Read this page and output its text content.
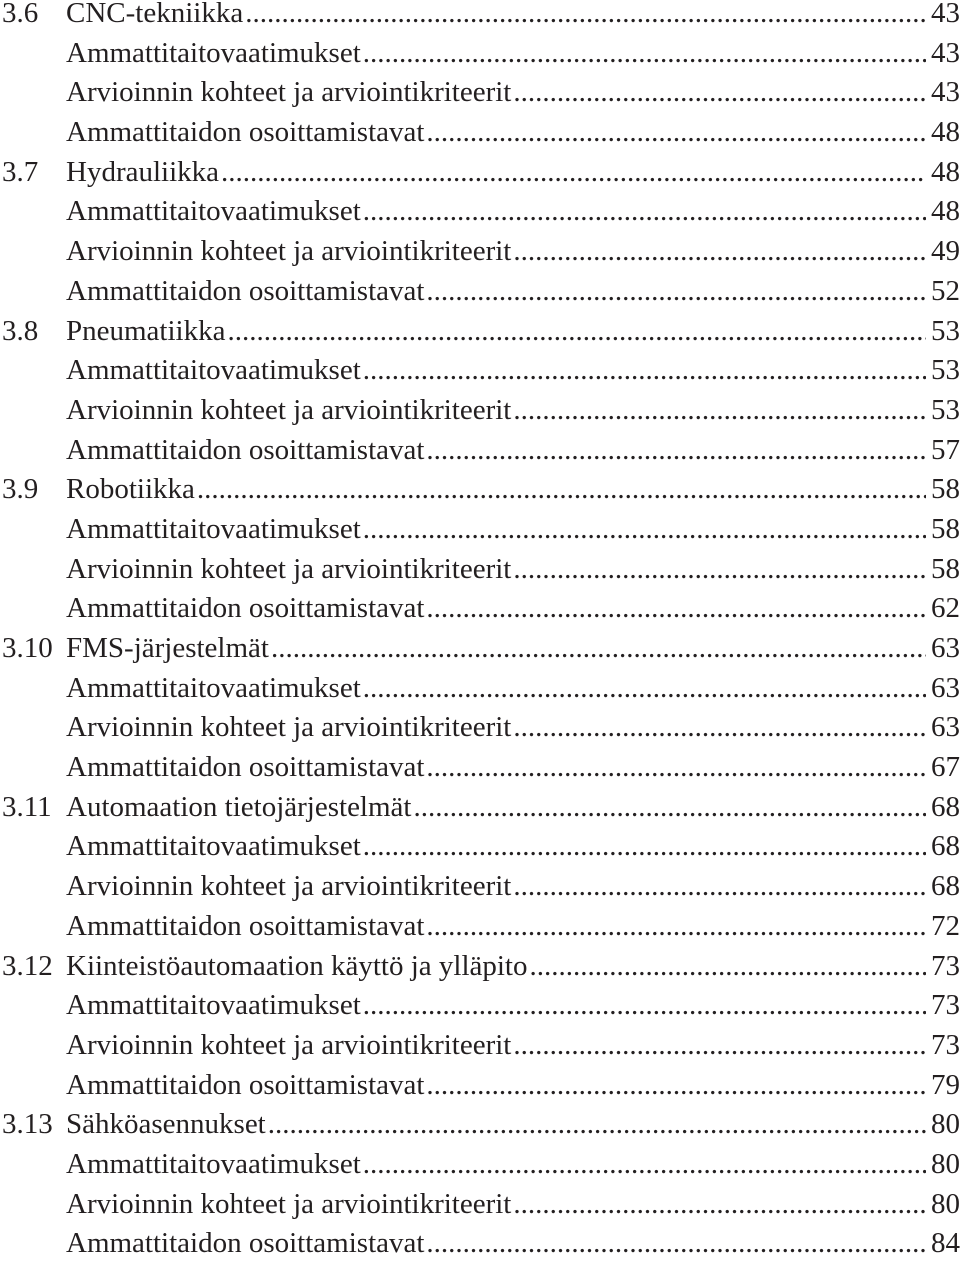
3.6 CNC-tekniikka .....	43
Ammattitaitovaatimukset .....	43
Arvioinnin kohteet ja arviointikriteerit .....	43
Ammattitaidon osoittamistavat .....	48
3.7 Hydrauliikka .....	48
Ammattitaitovaatimukset .....	48
Arvioinnin kohteet ja arviointikriteerit .....	49
Ammattitaidon osoittamistavat .....	52
3.8 Pneumatiikka .....	53
Ammattitaitovaatimukset .....	53
Arvioinnin kohteet ja arviointikriteerit .....	53
Ammattitaidon osoittamistavat .....	57
3.9 Robotiikka .....	58
Ammattitaitovaatimukset .....	58
Arvioinnin kohteet ja arviointikriteerit .....	58
Ammattitaidon osoittamistavat .....	62
3.10 FMS-järjestelmät .....	63
Ammattitaitovaatimukset .....	63
Arvioinnin kohteet ja arviointikriteerit .....	63
Ammattitaidon osoittamistavat .....	67
3.11 Automaation tietojärjestelmät .....	68
Ammattitaitovaatimukset .....	68
Arvioinnin kohteet ja arviointikriteerit .....	68
Ammattitaidon osoittamistavat .....	72
3.12 Kiinteistöautomaation käyttö ja ylläpito .....	73
Ammattitaitovaatimukset .....	73
Arvioinnin kohteet ja arviointikriteerit .....	73
Ammattitaidon osoittamistavat .....	79
3.13 Sähköasennukset .....	80
Ammattitaitovaatimukset .....	80
Arvioinnin kohteet ja arviointikriteerit .....	80
Ammattitaidon osoittamistavat .....	84
